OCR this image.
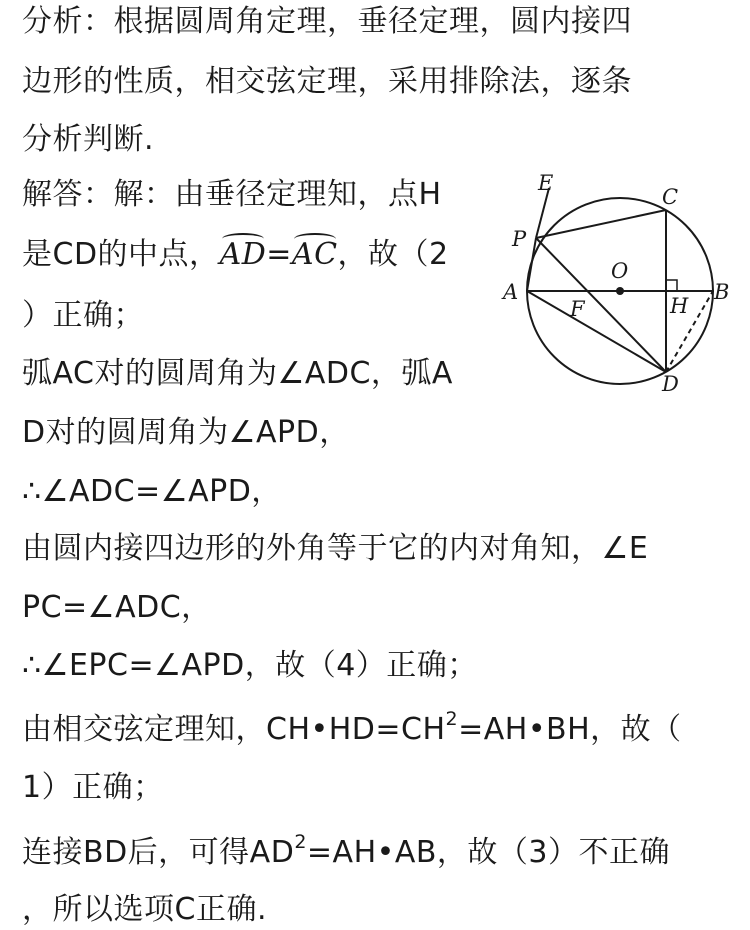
分析：根据圆周角定理，垂径定理，圆内接四
边形的性质，相交弦定理，采用排除法，逐条
分析判断.
解答：解：由垂径定理知，点H
是CD的中点，AD=AC，故（2
）正确；
弧AC对的圆周角为∠ADC，弧A
D对的圆周角为∠APD，
∴∠ADC=∠APD，
由圆内接四边形的外角等于它的内对角知，∠E
PC=∠ADC，
∴∠EPC=∠APD，故（4）正确；
由相交弦定理知，$CH•HD=CH^2=AH•BH$，故（
1）正确；
连接BD后，可得$AD^2=AH•AB$，故（3）不正确
，所以选项C正确.
E
C
P
O
A
F	H
B
D
